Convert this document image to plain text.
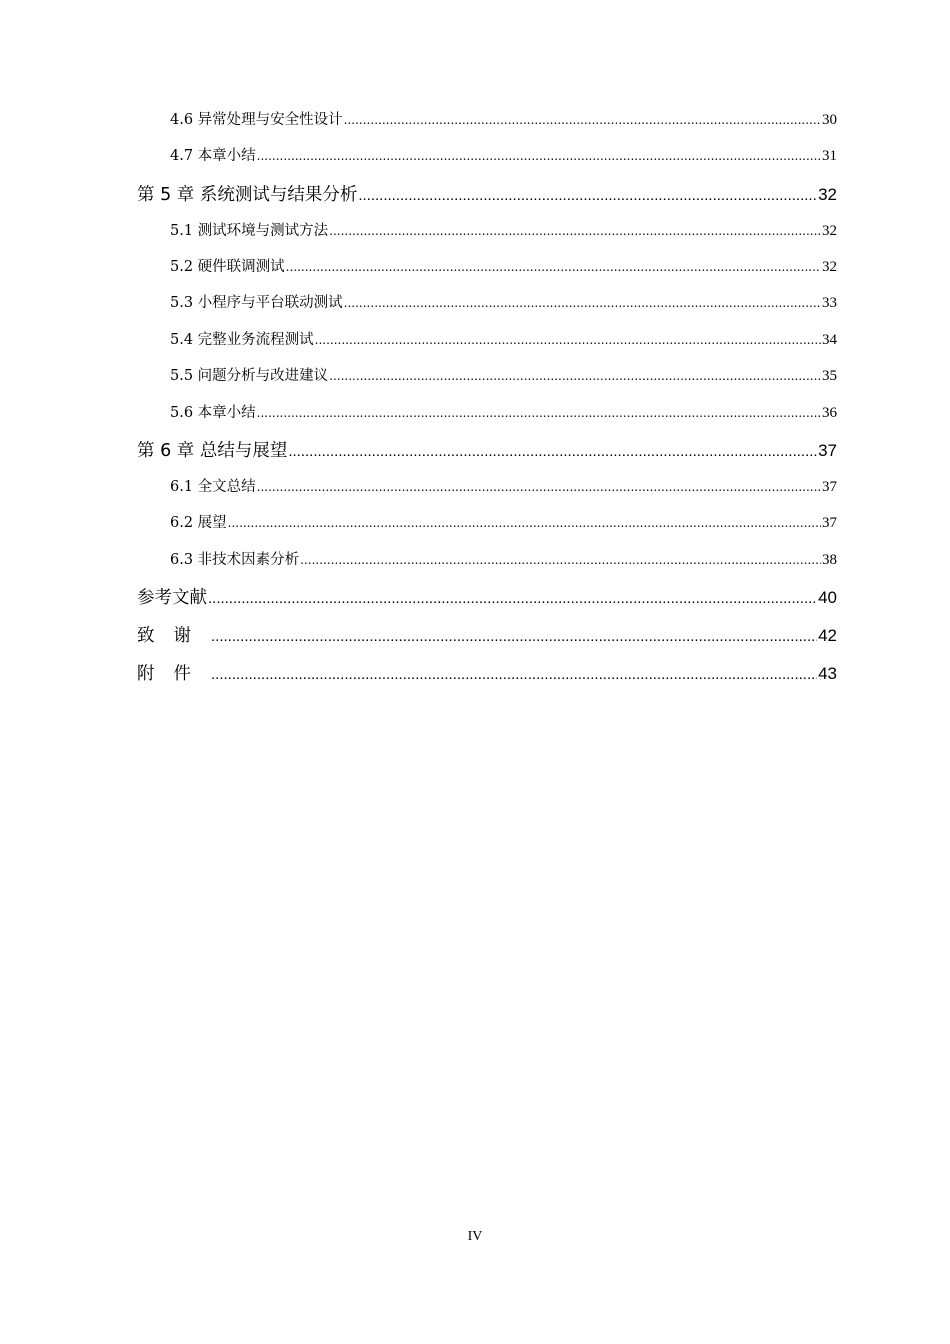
4.6 异常处理与安全性设计 .....	30
4.7 本章小结 .....	31
第 5 章 系统测试与结果分析 .....	32
5.1 测试环境与测试方法 .....	32
5.2 硬件联调测试 .....	32
5.3 小程序与平台联动测试 .....	33
5.4 完整业务流程测试 .....	34
5.5 问题分析与改进建议 .....	35
5.6 本章小结 .....	36
第 6 章 总结与展望 .....	37
6.1 全文总结 .....	37
6.2 展望 .....	37
6.3 非技术因素分析 .....	38
参考文献 .....	40
致谢 .....	42
附件 .....	43
IV
